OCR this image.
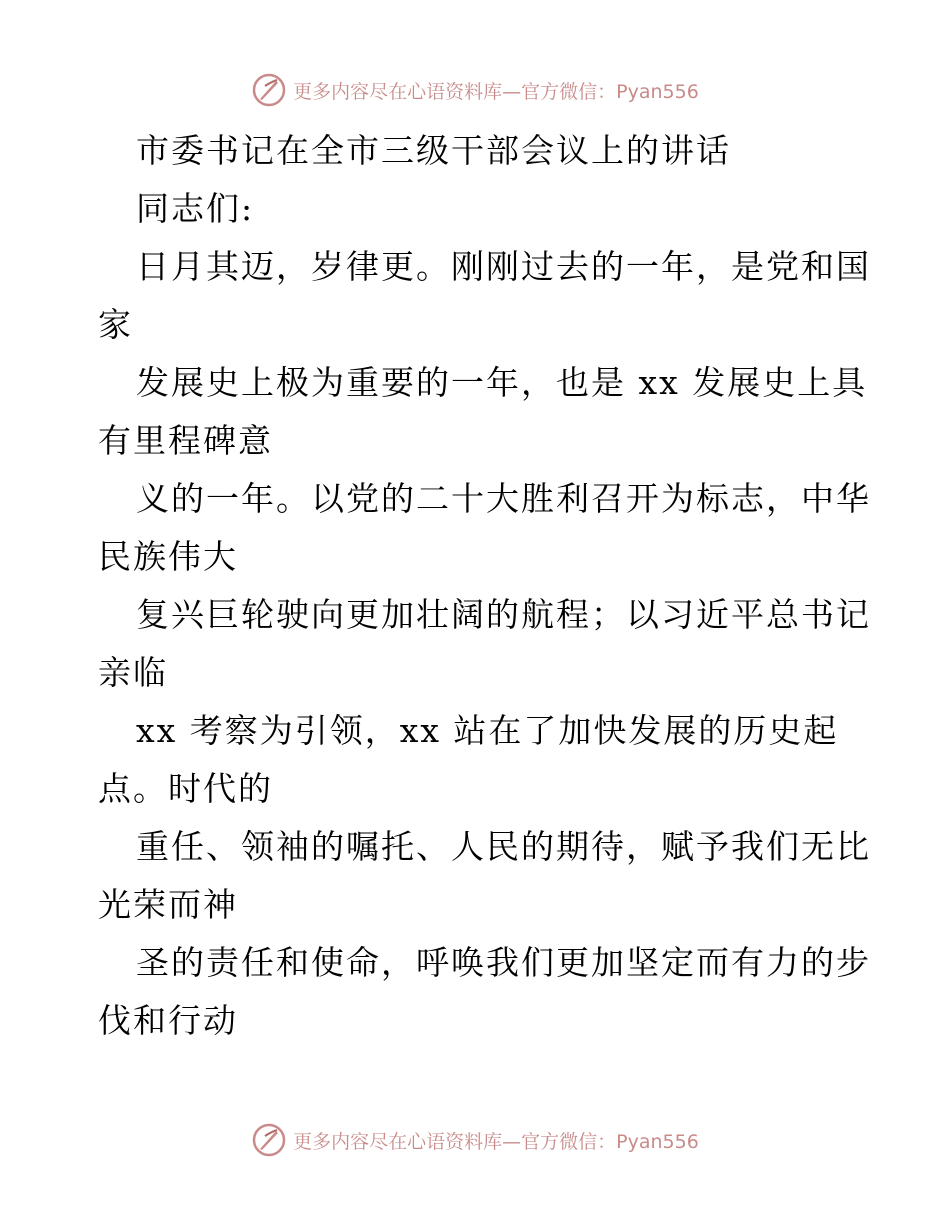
更多内容尽在心语资料库—官方微信：Pyan556
市委书记在全市三级干部会议上的讲话
同志们:
日月其迈，岁律更。刚刚过去的一年，是党和国
家
发展史上极为重要的一年，也是 xx 发展史上具
有里程碑意
义的一年。以党的二十大胜利召开为标志，中华
民族伟大
复兴巨轮驶向更加壮阔的航程；以习近平总书记
亲临
xx 考察为引领，xx 站在了加快发展的历史起
点。时代的
重任、领袖的嘱托、人民的期待，赋予我们无比
光荣而神
圣的责任和使命，呼唤我们更加坚定而有力的步
伐和行动
更多内容尽在心语资料库—官方微信：Pyan556
